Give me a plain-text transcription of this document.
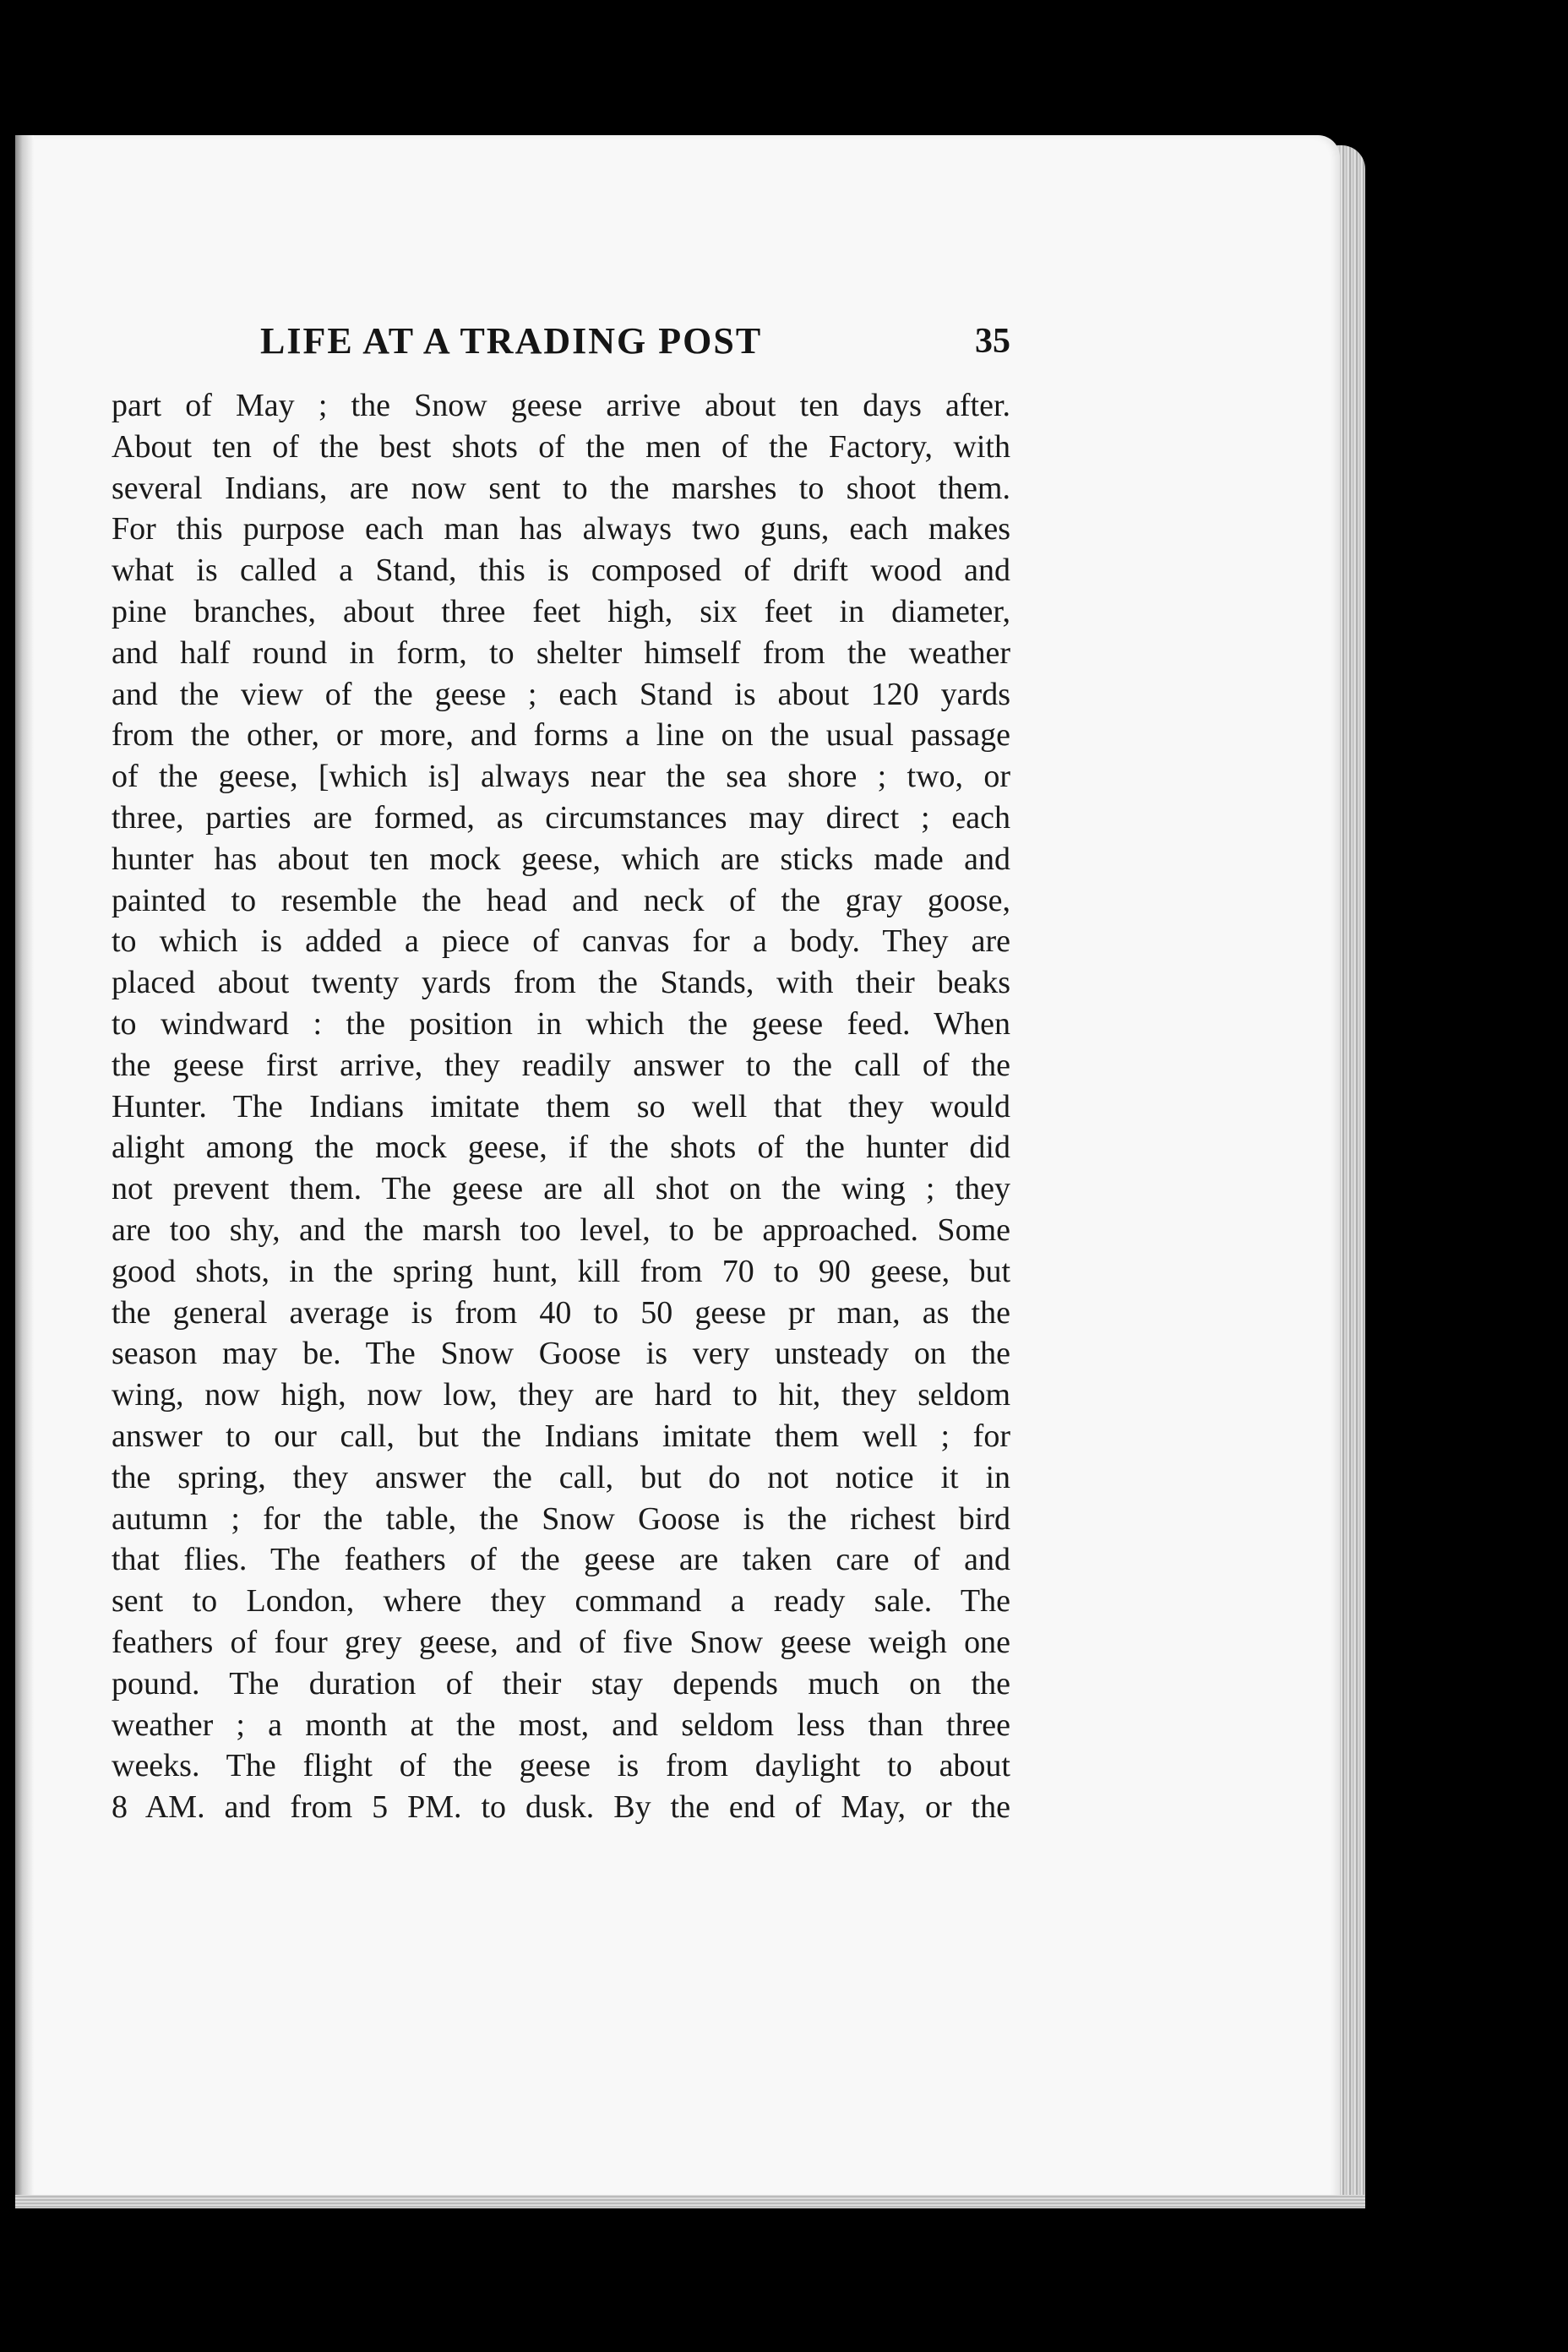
LIFE AT A TRADING POST	35
part of May ; the Snow geese arrive about ten days after.
About ten of the best shots of the men of the Factory, with
several Indians, are now sent to the marshes to shoot them.
For this purpose each man has always two guns, each makes
what is called a Stand, this is composed of drift wood and
pine branches, about three feet high, six feet in diameter,
and half round in form, to shelter himself from the weather
and the view of the geese ; each Stand is about 120 yards
from the other, or more, and forms a line on the usual passage
of the geese, [which is] always near the sea shore ; two, or
three, parties are formed, as circumstances may direct ; each
hunter has about ten mock geese, which are sticks made and
painted to resemble the head and neck of the gray goose,
to which is added a piece of canvas for a body. They are
placed about twenty yards from the Stands, with their beaks
to windward : the position in which the geese feed. When
the geese first arrive, they readily answer to the call of the
Hunter. The Indians imitate them so well that they would
alight among the mock geese, if the shots of the hunter did
not prevent them. The geese are all shot on the wing ; they
are too shy, and the marsh too level, to be approached. Some
good shots, in the spring hunt, kill from 70 to 90 geese, but
the general average is from 40 to 50 geese pr man, as the
season may be. The Snow Goose is very unsteady on the
wing, now high, now low, they are hard to hit, they seldom
answer to our call, but the Indians imitate them well ; for
the spring, they answer the call, but do not notice it in
autumn ; for the table, the Snow Goose is the richest bird
that flies. The feathers of the geese are taken care of and
sent to London, where they command a ready sale. The
feathers of four grey geese, and of five Snow geese weigh one
pound. The duration of their stay depends much on the
weather ; a month at the most, and seldom less than three
weeks. The flight of the geese is from daylight to about
8 AM. and from 5 PM. to dusk. By the end of May, or the
